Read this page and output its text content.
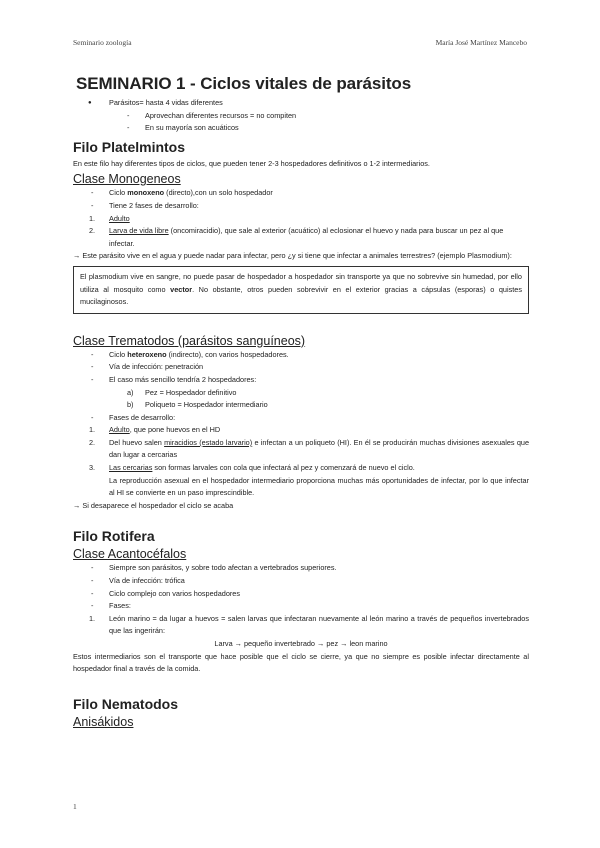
Seminario zoología	María José Martínez Mancebo
SEMINARIO 1 - Ciclos vitales de parásitos
● Parásitos= hasta 4 vidas diferentes
- Aprovechan diferentes recursos = no compiten
- En su mayoría son acuáticos
Filo Platelmintos
En este filo hay diferentes tipos de ciclos, que pueden tener 2-3 hospedadores definitivos o 1-2 intermediarios.
Clase Monogeneos
- Ciclo monoxeno (directo),con un solo hospedador
- Tiene 2 fases de desarrollo:
1. Adulto
2. Larva de vida libre (oncomiracidio), que sale al exterior (acuático) al eclosionar el huevo y nada para buscar un pez al que infectar.
→ Este parásito vive en el agua y puede nadar para infectar, pero ¿y si tiene que infectar a animales terrestres? (ejemplo Plasmodium):
El plasmodium vive en sangre, no puede pasar de hospedador a hospedador sin transporte ya que no sobrevive sin humedad, por ello utiliza al mosquito como vector. No obstante, otros pueden sobrevivir en el exterior gracias a cápsulas (esporas) o quistes mucilaginosos.
Clase Trematodos (parásitos sanguíneos)
- Ciclo heteroxeno (indirecto), con varios hospedadores.
- Vía de infección: penetración
- El caso más sencillo tendría 2 hospedadores:
a) Pez = Hospedador definitivo
b) Poliqueto = Hospedador intermediario
- Fases de desarrollo:
1. Adulto, que pone huevos en el HD
2. Del huevo salen miracidios (estado larvario) e infectan a un poliqueto (HI). En él se producirán muchas divisiones asexuales que dan lugar a cercarias
3. Las cercarias son formas larvales con cola que infectará al pez y comenzará de nuevo el ciclo.
La reproducción asexual en el hospedador intermediario proporciona muchas más oportunidades de infectar, por lo que infectar al HI se convierte en un paso imprescindible.
→ Si desaparece el hospedador el ciclo se acaba
Filo Rotifera
Clase Acantocéfalos
- Siempre son parásitos, y sobre todo afectan a vertebrados superiores.
- Vía de infección: trófica
- Ciclo complejo con varios hospedadores
- Fases:
1. León marino = da lugar a huevos = salen larvas que infectaran nuevamente al león marino a través de pequeños invertebrados que las ingerirán:
Larva → pequeño invertebrado → pez → leon marino
Estos intermediarios son el transporte que hace posible que el ciclo se cierre, ya que no siempre es posible infectar directamente al hospedador final a través de la comida.
Filo Nematodos
Anisákidos
1
